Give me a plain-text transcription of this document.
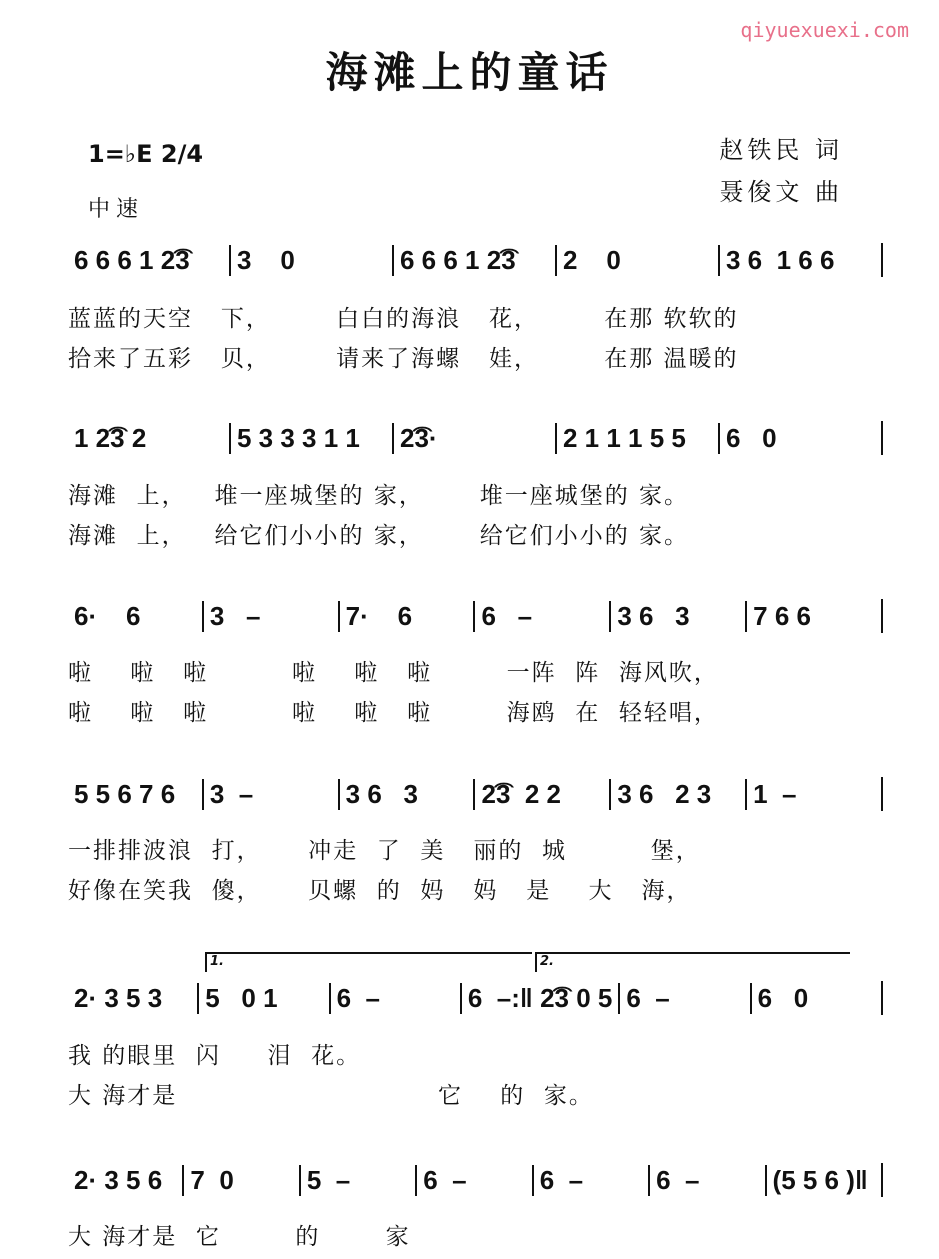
qiyuexuexi.com
海滩上的童话
1=♭E 2/4
中速
赵铁民 词
聂俊文 曲
6 6 6 1 2͡3	3    0	6 6 6 1 2͡3	2    0	3 6  1 6 6
蓝蓝的天空   下，       白白的海浪   花，       在那 软软的
拾来了五彩   贝，       请来了海螺   娃，       在那 温暖的
1 2͡3 2	5 3 3 3 1 1	2͡3·	2 1 1 1 5 5	6   0
海滩  上，   堆一座城堡的 家，      堆一座城堡的 家。
海滩  上，   给它们小小的 家，      给它们小小的 家。
6·    6	3   –	7·    6	6   –	3 6   3	7 6 6
啦    啦   啦         啦    啦   啦        一阵  阵  海风吹，
啦    啦   啦         啦    啦   啦        海鸥  在  轻轻唱，
5 5 6 7 6	3  –	3 6   3	2͡3  2 2	3 6   2 3	1  –
一排排波浪  打，     冲走  了  美   丽的  城         堡，
好像在笑我  傻，     贝螺  的  妈   妈   是    大   海，
1.	2.
2· 3 5 3	5   0 1	6  –	6  –:‖ 2͡3 0 5 6  –	6   0
我 的眼里  闪     泪  花。
大 海才是                            它    的  家。
2· 3 5 6	7  0	5  –	6  –	6  –	6  –	(5 5 6 )‖
大 海才是  它        的       家
